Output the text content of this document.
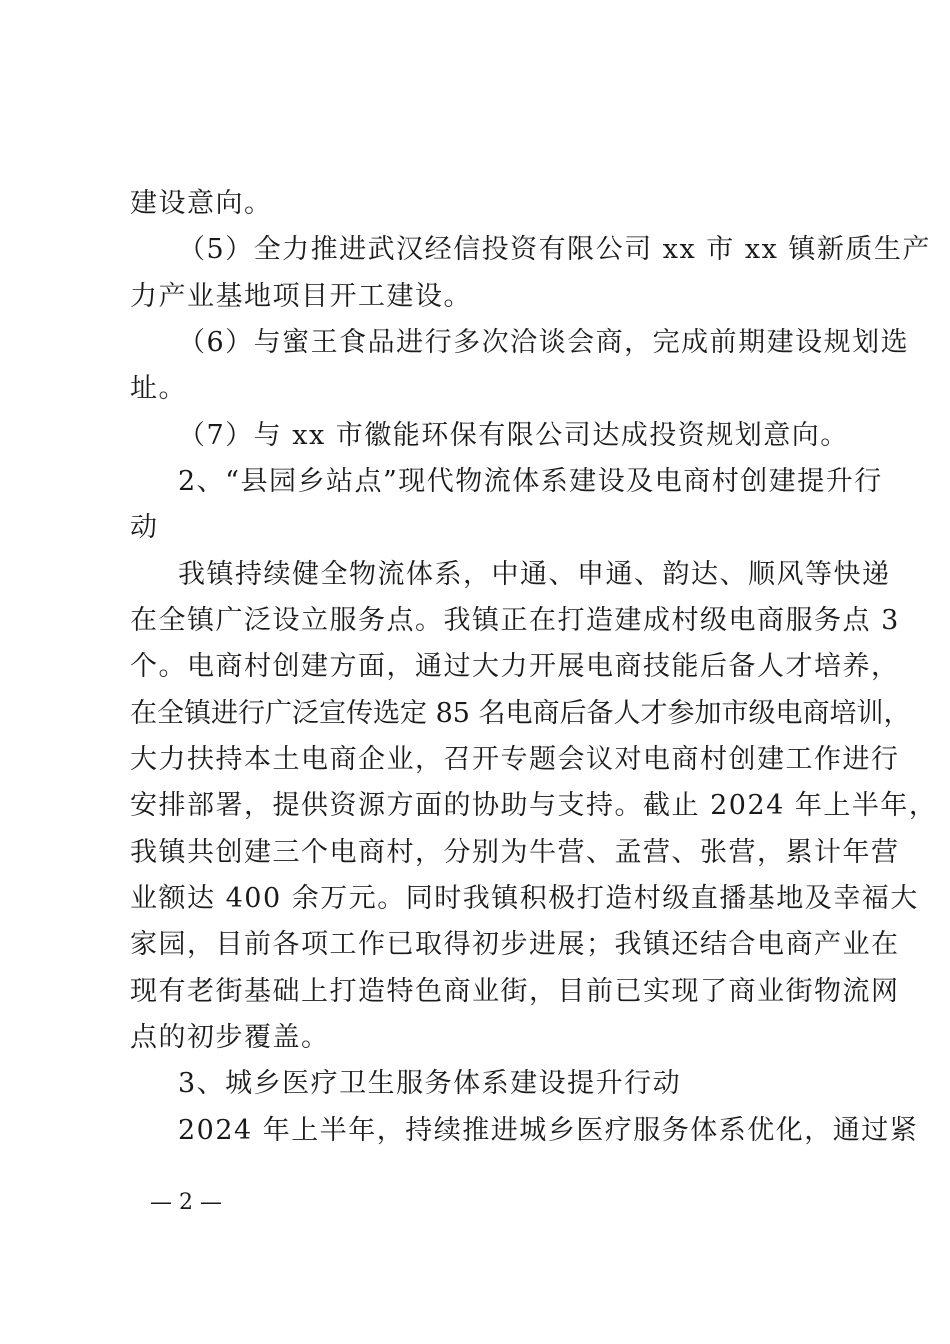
建设意向。
（5）全力推进武汉经信投资有限公司 xx 市 xx 镇新质生产
力产业基地项目开工建设。
（6）与蜜王食品进行多次洽谈会商，完成前期建设规划选
址。
（7）与 xx 市徽能环保有限公司达成投资规划意向。
2、“县园乡站点”现代物流体系建设及电商村创建提升行
动
我镇持续健全物流体系，中通、申通、韵达、顺风等快递
在全镇广泛设立服务点。我镇正在打造建成村级电商服务点 3
个。电商村创建方面，通过大力开展电商技能后备人才培养，
在全镇进行广泛宣传选定 85 名电商后备人才参加市级电商培训，
大力扶持本土电商企业，召开专题会议对电商村创建工作进行
安排部署，提供资源方面的协助与支持。截止 2024 年上半年，
我镇共创建三个电商村，分别为牛营、孟营、张营，累计年营
业额达 400 余万元。同时我镇积极打造村级直播基地及幸福大
家园，目前各项工作已取得初步进展；我镇还结合电商产业在
现有老街基础上打造特色商业街，目前已实现了商业街物流网
点的初步覆盖。
3、城乡医疗卫生服务体系建设提升行动
2024 年上半年，持续推进城乡医疗服务体系优化，通过紧
— 2 —
